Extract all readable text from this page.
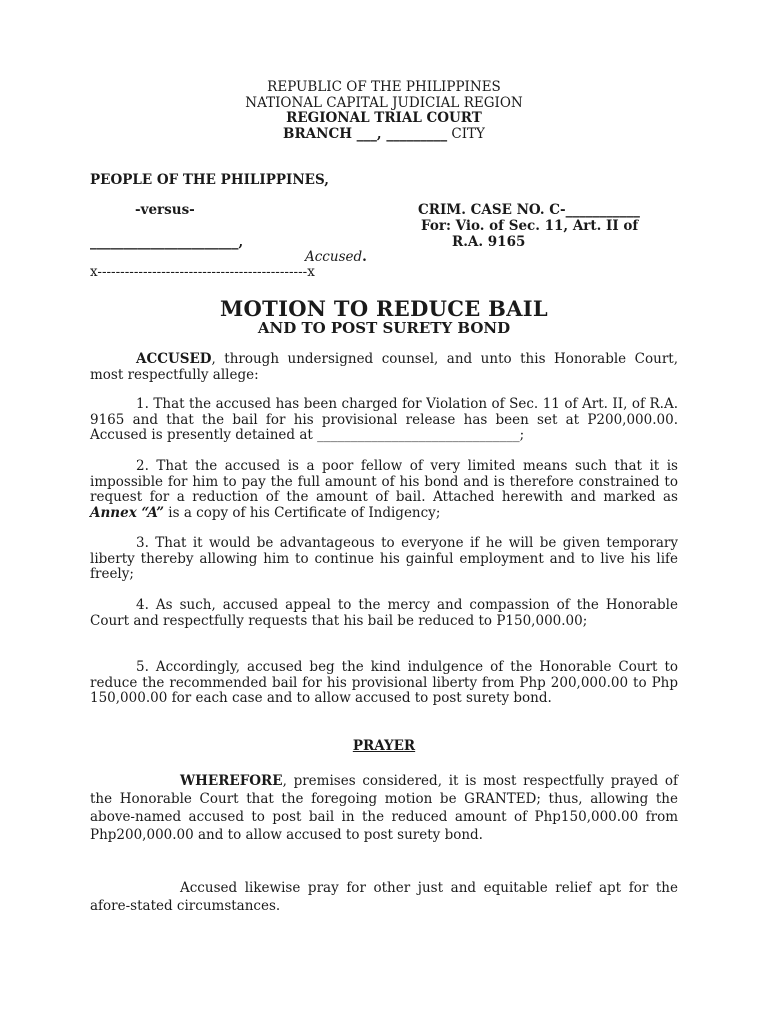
REPUBLIC OF THE PHILIPPINES
NATIONAL CAPITAL JUDICIAL REGION
REGIONAL TRIAL COURT
BRANCH ___, _________ CITY
PEOPLE OF THE PHILIPPINES,
-versus-
______________________,
Accused.
x----------------------------------------------x
CRIM. CASE NO. C-___________
For: Vio. of Sec. 11, Art. II of
R.A. 9165
MOTION TO REDUCE BAIL
AND TO POST SURETY BOND
ACCUSED, through undersigned counsel, and unto this Honorable Court, most respectfully allege:
1. That the accused has been charged for Violation of Sec. 11 of Art. II, of R.A. 9165 and that the bail for his provisional release has been set at P200,000.00. Accused is presently detained at ______________________________;
2. That the accused is a poor fellow of very limited means such that it is impossible for him to pay the full amount of his bond and is therefore constrained to request for a reduction of the amount of bail. Attached herewith and marked as Annex “A” is a copy of his Certificate of Indigency;
3. That it would be advantageous to everyone if he will be given temporary liberty thereby allowing him to continue his gainful employment and to live his life freely;
4. As such, accused appeal to the mercy and compassion of the Honorable Court and respectfully requests that his bail be reduced to P150,000.00;
5. Accordingly, accused beg the kind indulgence of the Honorable Court to reduce the recommended bail for his provisional liberty from Php 200,000.00 to Php 150,000.00 for each case and to allow accused to post surety bond.
PRAYER
WHEREFORE, premises considered, it is most respectfully prayed of the Honorable Court that the foregoing motion be GRANTED; thus, allowing the above-named accused to post bail in the reduced amount of Php150,000.00 from Php200,000.00 and to allow accused to post surety bond.
Accused likewise pray for other just and equitable relief apt for the afore-stated circumstances.
